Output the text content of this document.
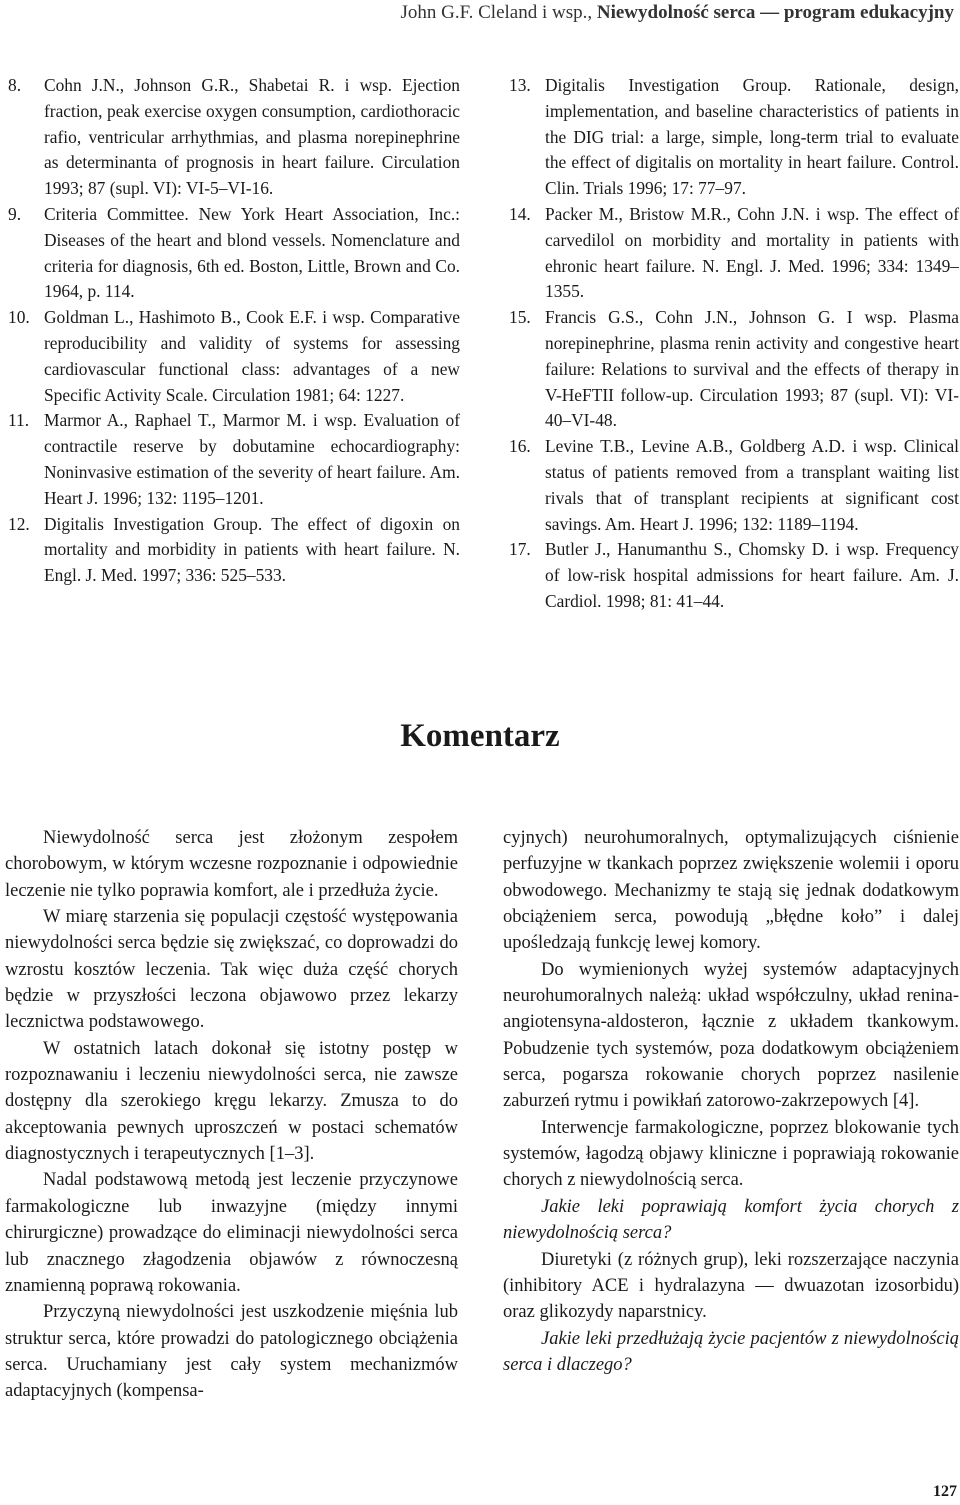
John G.F. Cleland i wsp., Niewydolność serca — program edukacyjny
8. Cohn J.N., Johnson G.R., Shabetai R. i wsp. Ejection fraction, peak exercise oxygen consumption, cardiothoracic rafio, ventricular arrhythmias, and plasma norepinephrine as determinanta of prognosis in heart failure. Circulation 1993; 87 (supl. VI): VI-5–VI-16.
9. Criteria Committee. New York Heart Association, Inc.: Diseases of the heart and blond vessels. Nomenclature and criteria for diagnosis, 6th ed. Boston, Little, Brown and Co. 1964, p. 114.
10. Goldman L., Hashimoto B., Cook E.F. i wsp. Comparative reproducibility and validity of systems for assessing cardiovascular functional class: advantages of a new Specific Activity Scale. Circulation 1981; 64: 1227.
11. Marmor A., Raphael T., Marmor M. i wsp. Evaluation of contractile reserve by dobutamine echocardiography: Noninvasive estimation of the severity of heart failure. Am. Heart J. 1996; 132: 1195–1201.
12. Digitalis Investigation Group. The effect of digoxin on mortality and morbidity in patients with heart failure. N. Engl. J. Med. 1997; 336: 525–533.
13. Digitalis Investigation Group. Rationale, design, implementation, and baseline characteristics of patients in the DIG trial: a large, simple, long-term trial to evaluate the effect of digitalis on mortality in heart failure. Control. Clin. Trials 1996; 17: 77–97.
14. Packer M., Bristow M.R., Cohn J.N. i wsp. The effect of carvedilol on morbidity and mortality in patients with ehronic heart failure. N. Engl. J. Med. 1996; 334: 1349–1355.
15. Francis G.S., Cohn J.N., Johnson G. I wsp. Plasma norepinephrine, plasma renin activity and congestive heart failure: Relations to survival and the effects of therapy in V-HeFTII follow-up. Circulation 1993; 87 (supl. VI): VI-40–VI-48.
16. Levine T.B., Levine A.B., Goldberg A.D. i wsp. Clinical status of patients removed from a transplant waiting list rivals that of transplant recipients at significant cost savings. Am. Heart J. 1996; 132: 1189–1194.
17. Butler J., Hanumanthu S., Chomsky D. i wsp. Frequency of low-risk hospital admissions for heart failure. Am. J. Cardiol. 1998; 81: 41–44.
Komentarz

Niewydolność serca jest złożonym zespołem chorobowym, w którym wczesne rozpoznanie i odpowiednie leczenie nie tylko poprawia komfort, ale i przedłuża życie.

W miarę starzenia się populacji częstość występowania niewydolności serca będzie się zwiększać, co doprowadzi do wzrostu kosztów leczenia. Tak więc duża część chorych będzie w przyszłości leczona objawowo przez lekarzy lecznictwa podstawowego.

W ostatnich latach dokonał się istotny postęp w rozpoznawaniu i leczeniu niewydolności serca, nie zawsze dostępny dla szerokiego kręgu lekarzy. Zmusza to do akceptowania pewnych uproszczeń w postaci schematów diagnostycznych i terapeutycznych [1–3].

Nadal podstawową metodą jest leczenie przyczynowe farmakologiczne lub inwazyjne (między innymi chirurgiczne) prowadzące do eliminacji niewydolności serca lub znacznego złagodzenia objawów z równoczesną znamienną poprawą rokowania.

Przyczyną niewydolności jest uszkodzenie mięśnia lub struktur serca, które prowadzi do patologicznego obciążenia serca. Uruchamiany jest cały system mechanizmów adaptacyjnych (kompensa-

cyjnych) neurohumoralnych, optymalizujących ciśnienie perfuzyjne w tkankach poprzez zwiększenie wolemii i oporu obwodowego. Mechanizmy te stają się jednak dodatkowym obciążeniem serca, powodują „błędne koło” i dalej upośledzają funkcję lewej komory.

Do wymienionych wyżej systemów adaptacyjnych neurohumoralnych należą: układ współczulny, układ renina-angiotensyna-aldosteron, łącznie z układem tkankowym. Pobudzenie tych systemów, poza dodatkowym obciążeniem serca, pogarsza rokowanie chorych poprzez nasilenie zaburzeń rytmu i powikłań zatorowo-zakrzepowych [4].

Interwencje farmakologiczne, poprzez blokowanie tych systemów, łagodzą objawy kliniczne i poprawiają rokowanie chorych z niewydolnością serca.

Jakie leki poprawiają komfort życia chorych z niewydolnością serca?

Diuretyki (z różnych grup), leki rozszerzające naczynia (inhibitory ACE i hydralazyna — dwuazotan izosorbidu) oraz glikozydy naparstnicy.

Jakie leki przedłużają życie pacjentów z niewydolnością serca i dlaczego?

127
